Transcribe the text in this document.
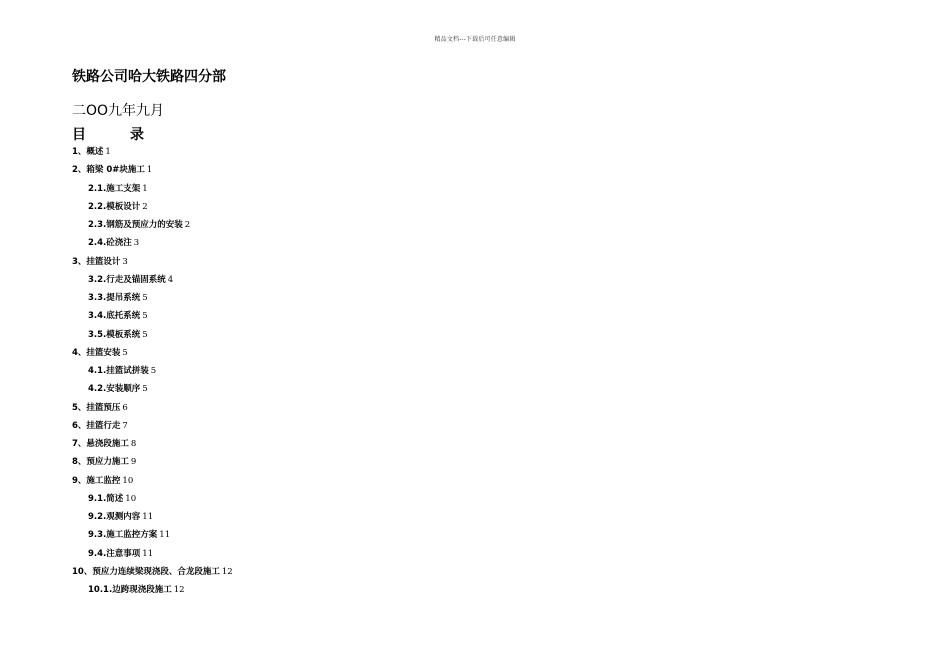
精品文档---下载后可任意编辑
铁路公司哈大铁路四分部
二OO九年九月
目	录
1、概述 1
2、箱梁 0#块施工 1
2.1.施工支架 1
2.2.模板设计 2
2.3.钢筋及预应力的安装 2
2.4.砼浇注 3
3、挂篮设计 3
3.2.行走及锚固系统 4
3.3.提吊系统 5
3.4.底托系统 5
3.5.模板系统 5
4、挂篮安装 5
4.1.挂篮试拼装 5
4.2.安装顺序 5
5、挂篮预压 6
6、挂篮行走 7
7、悬浇段施工 8
8、预应力施工 9
9、施工监控 10
9.1.简述 10
9.2.观测内容 11
9.3.施工监控方案 11
9.4.注意事项 11
10、预应力连续梁现浇段、合龙段施工 12
10.1.边跨现浇段施工 12
